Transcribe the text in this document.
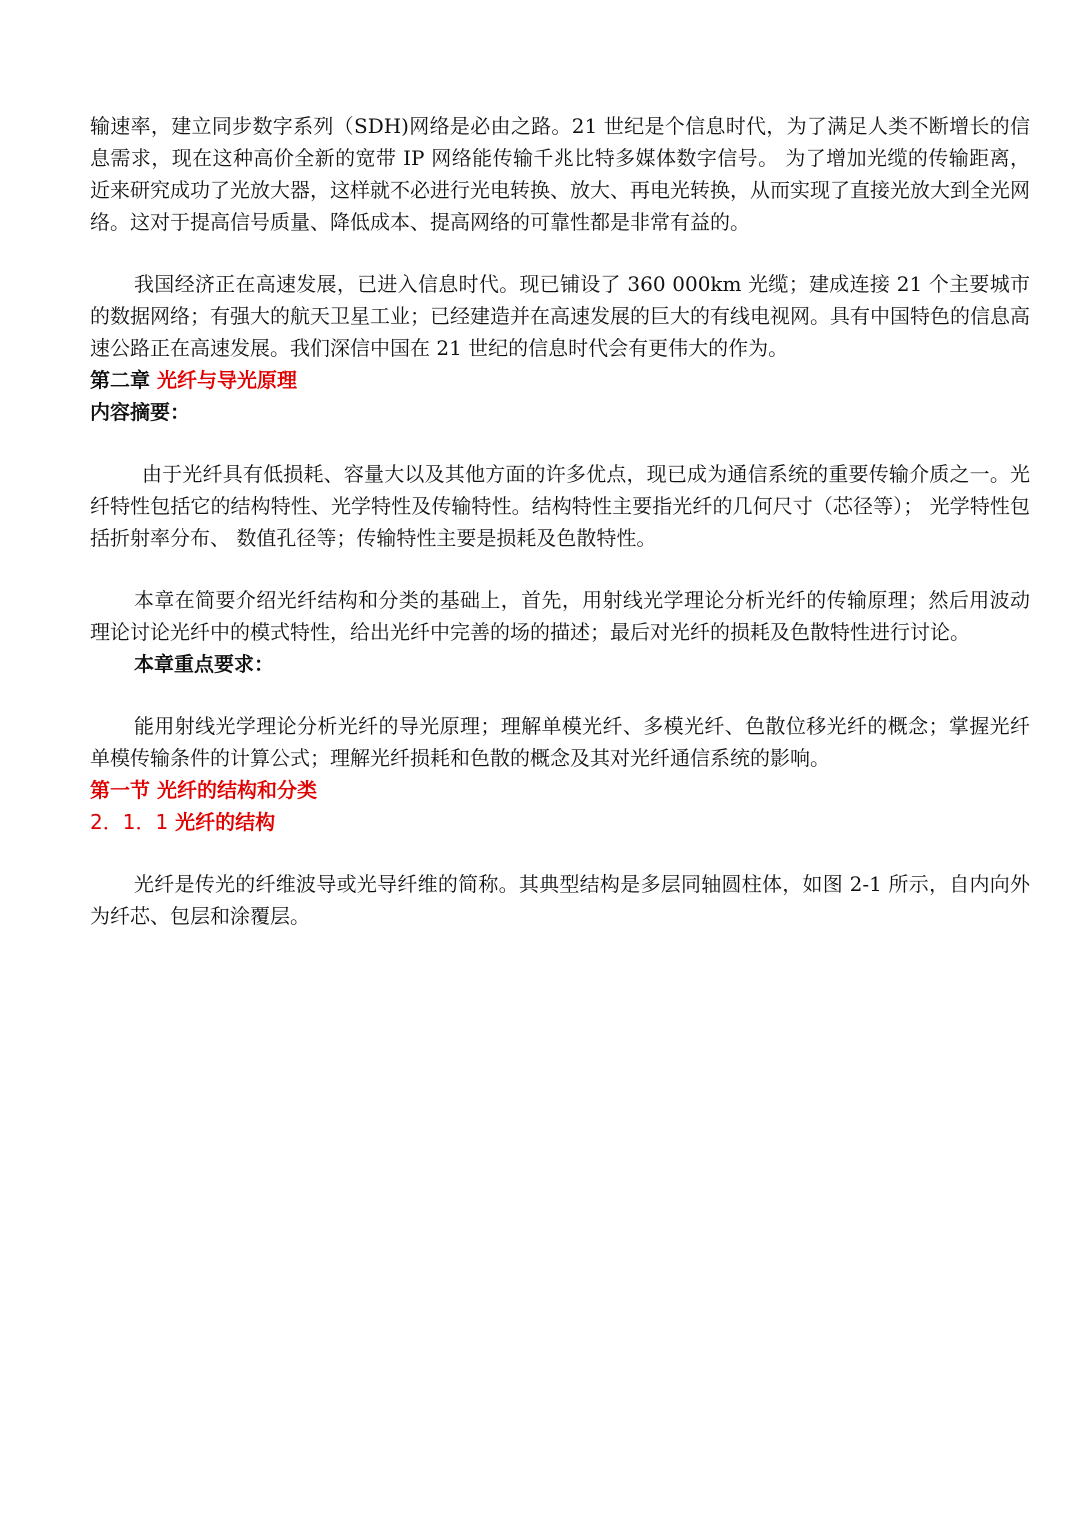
输速率，建立同步数字系列（SDH)网络是必由之路。21 世纪是个信息时代，为了满足人类不断增长的信息需求，现在这种高价全新的宽带 IP 网络能传输千兆比特多媒体数字信号。 为了增加光缆的传输距离，近来研究成功了光放大器，这样就不必进行光电转换、放大、再电光转换，从而实现了直接光放大到全光网络。这对于提高信号质量、降低成本、提高网络的可靠性都是非常有益的。

我国经济正在高速发展，已进入信息时代。现已铺设了 360 000km 光缆；建成连接 21 个主要城市的数据网络；有强大的航天卫星工业；已经建造并在高速发展的巨大的有线电视网。具有中国特色的信息高速公路正在高速发展。我们深信中国在 21 世纪的信息时代会有更伟大的作为。

第二章 光纤与导光原理
内容摘要：

由于光纤具有低损耗、容量大以及其他方面的许多优点，现已成为通信系统的重要传输介质之一。光纤特性包括它的结构特性、光学特性及传输特性。结构特性主要指光纤的几何尺寸（芯径等）； 光学特性包括折射率分布、 数值孔径等；传输特性主要是损耗及色散特性。

本章在简要介绍光纤结构和分类的基础上，首先，用射线光学理论分析光纤的传输原理；然后用波动理论讨论光纤中的模式特性，给出光纤中完善的场的描述；最后对光纤的损耗及色散特性进行讨论。

本章重点要求：

能用射线光学理论分析光纤的导光原理；理解单模光纤、多模光纤、色散位移光纤的概念；掌握光纤单模传输条件的计算公式；理解光纤损耗和色散的概念及其对光纤通信系统的影响。

第一节 光纤的结构和分类
2．1．1 光纤的结构

光纤是传光的纤维波导或光导纤维的简称。其典型结构是多层同轴圆柱体，如图 2-1 所示，自内向外为纤芯、包层和涂覆层。
